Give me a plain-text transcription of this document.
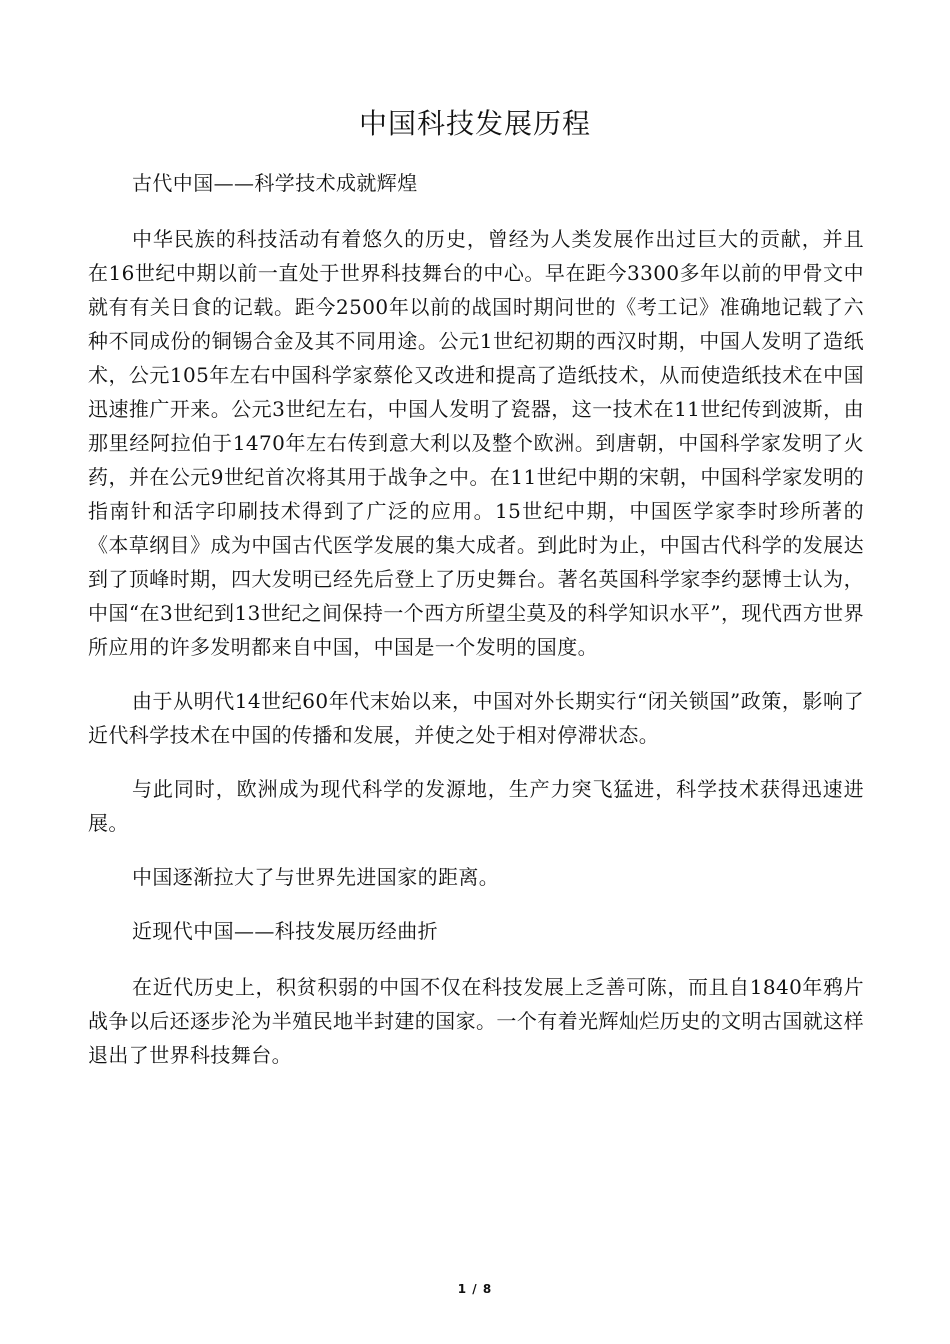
中国科技发展历程

古代中国——科学技术成就辉煌

中华民族的科技活动有着悠久的历史，曾经为人类发展作出过巨大的贡献，并且在16世纪中期以前一直处于世界科技舞台的中心。早在距今3300多年以前的甲骨文中就有有关日食的记载。距今2500年以前的战国时期问世的《考工记》准确地记载了六种不同成份的铜锡合金及其不同用途。公元1世纪初期的西汉时期，中国人发明了造纸术，公元105年左右中国科学家蔡伦又改进和提高了造纸技术，从而使造纸技术在中国迅速推广开来。公元3世纪左右，中国人发明了瓷器，这一技术在11世纪传到波斯，由那里经阿拉伯于1470年左右传到意大利以及整个欧洲。到唐朝，中国科学家发明了火药，并在公元9世纪首次将其用于战争之中。在11世纪中期的宋朝，中国科学家发明的指南针和活字印刷技术得到了广泛的应用。15世纪中期，中国医学家李时珍所著的《本草纲目》成为中国古代医学发展的集大成者。到此时为止，中国古代科学的发展达到了顶峰时期，四大发明已经先后登上了历史舞台。著名英国科学家李约瑟博士认为，中国“在3世纪到13世纪之间保持一个西方所望尘莫及的科学知识水平”，现代西方世界所应用的许多发明都来自中国，中国是一个发明的国度。

由于从明代14世纪60年代末始以来，中国对外长期实行“闭关锁国”政策，影响了近代科学技术在中国的传播和发展，并使之处于相对停滞状态。

与此同时，欧洲成为现代科学的发源地，生产力突飞猛进，科学技术获得迅速进展。

中国逐渐拉大了与世界先进国家的距离。

近现代中国——科技发展历经曲折

在近代历史上，积贫积弱的中国不仅在科技发展上乏善可陈，而且自1840年鸦片战争以后还逐步沦为半殖民地半封建的国家。一个有着光辉灿烂历史的文明古国就这样退出了世界科技舞台。

1 / 8
